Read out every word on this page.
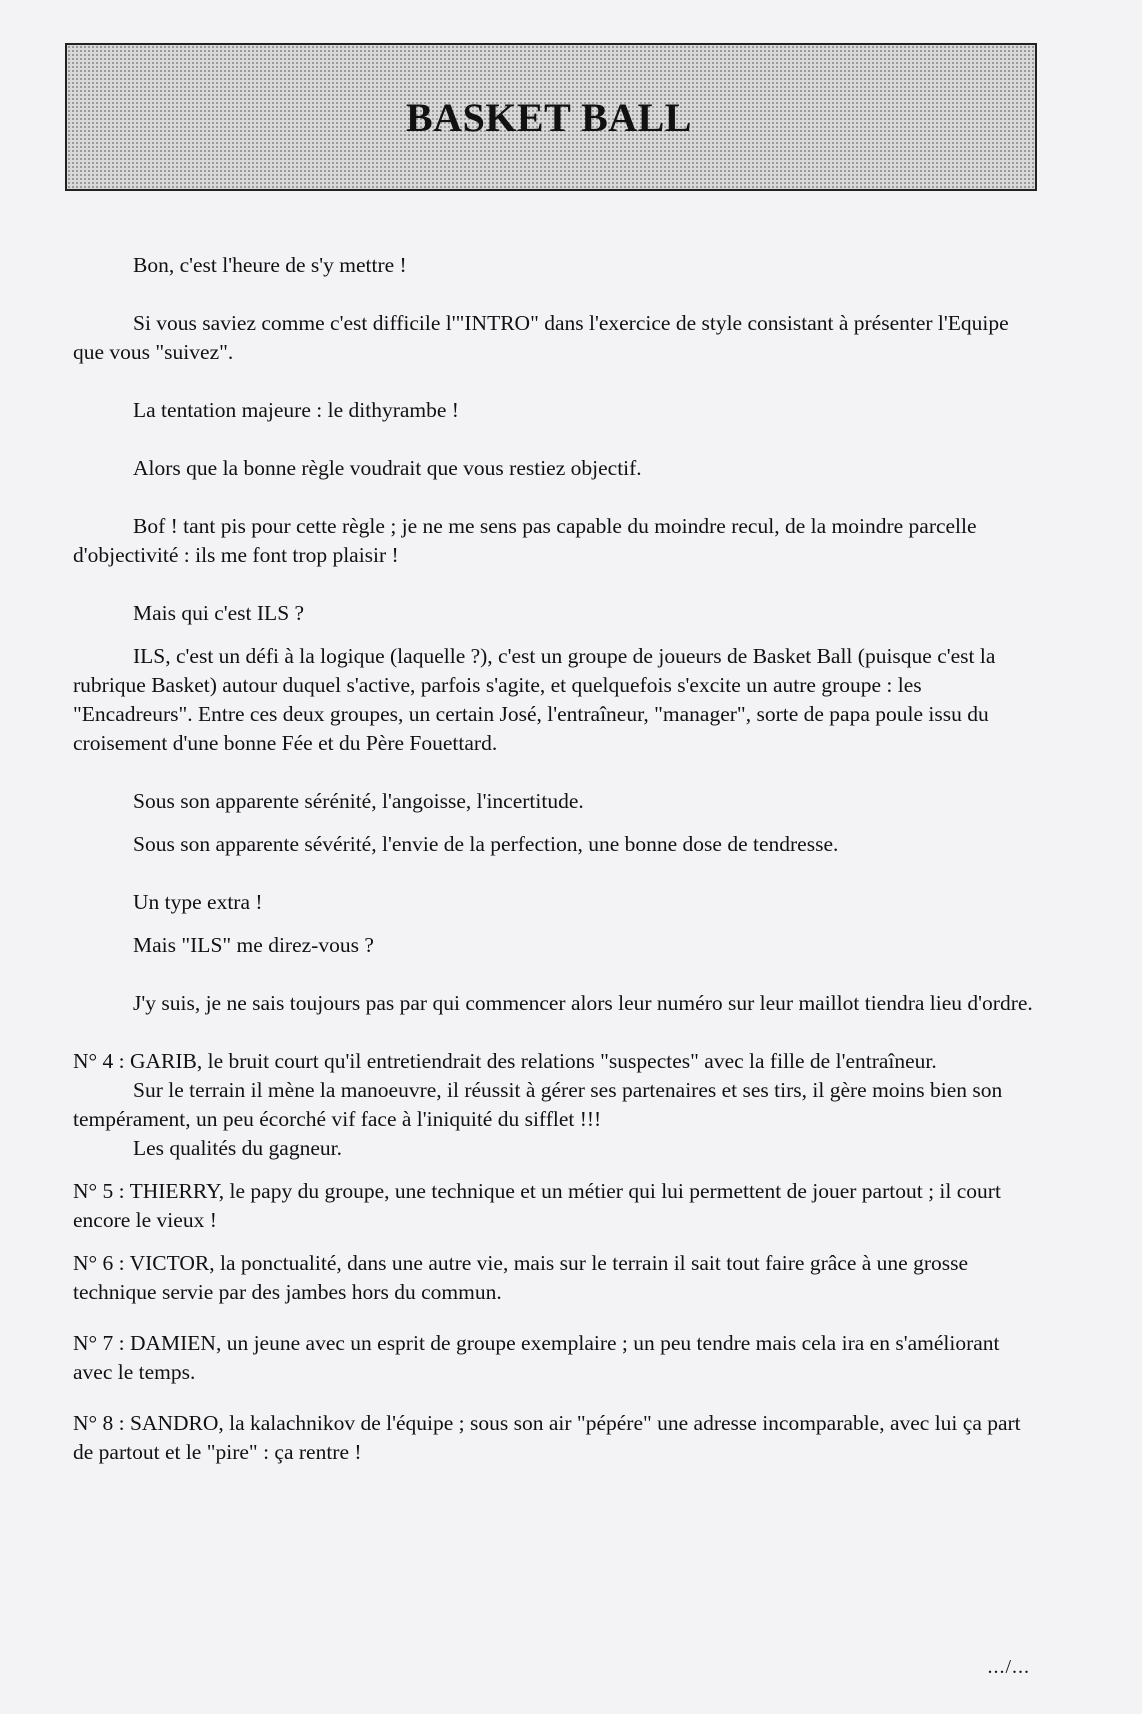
BASKET BALL

Bon, c'est l'heure de s'y mettre !

Si vous saviez comme c'est difficile l'"INTRO" dans l'exercice de style consistant à présenter l'Equipe que vous "suivez".

La tentation majeure : le dithyrambe !

Alors que la bonne règle voudrait que vous restiez objectif.

Bof ! tant pis pour cette règle ; je ne me sens pas capable du moindre recul, de la moindre parcelle d'objectivité : ils me font trop plaisir !

Mais qui c'est ILS ?

ILS, c'est un défi à la logique (laquelle ?), c'est un groupe de joueurs de Basket Ball (puisque c'est la rubrique Basket) autour duquel s'active, parfois s'agite, et quelquefois s'excite un autre groupe : les "Encadreurs". Entre ces deux groupes, un certain José, l'entraîneur, "manager", sorte de papa poule issu du croisement d'une bonne Fée et du Père Fouettard.

Sous son apparente sérénité, l'angoisse, l'incertitude.

Sous son apparente sévérité, l'envie de la perfection, une bonne dose de tendresse.

Un type extra !

Mais "ILS" me direz-vous ?

J'y suis, je ne sais toujours pas par qui commencer alors leur numéro sur leur maillot tiendra lieu d'ordre.

N° 4 : GARIB, le bruit court qu'il entretiendrait des relations "suspectes" avec la fille de l'entraîneur.

Sur le terrain il mène la manoeuvre, il réussit à gérer ses partenaires et ses tirs, il gère moins bien son tempérament, un peu écorché vif face à l'iniquité du sifflet !!!

Les qualités du gagneur.

N° 5 : THIERRY, le papy du groupe, une technique et un métier qui lui permettent de jouer partout ; il court encore le vieux !

N° 6 : VICTOR, la ponctualité, dans une autre vie, mais sur le terrain il sait tout faire grâce à une grosse technique servie par des jambes hors du commun.

N° 7 : DAMIEN, un jeune avec un esprit de groupe exemplaire ; un peu tendre mais cela ira en s'améliorant avec le temps.

N° 8 : SANDRO, la kalachnikov de l'équipe ; sous son air "pépére" une adresse incomparable, avec lui ça part de partout et le "pire" : ça rentre !

.../...
